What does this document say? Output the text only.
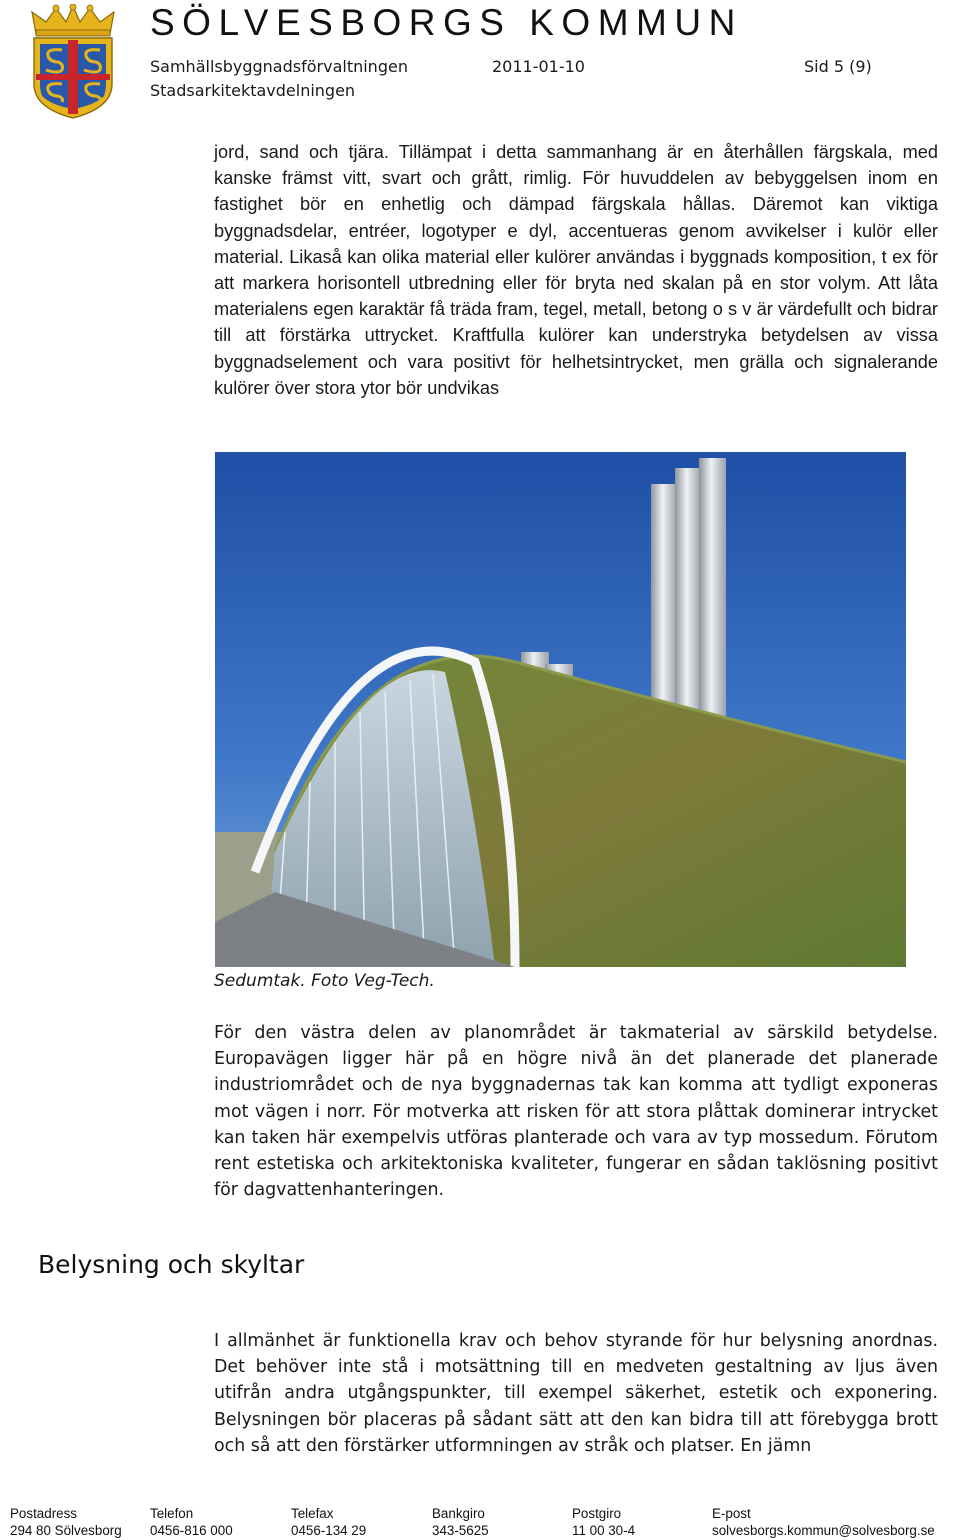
SÖLVESBORGS KOMMUN
Samhällsbyggnadsförvaltningen
Stadsarkitektavdelningen
2011-01-10	Sid 5 (9)

jord, sand och tjära. Tillämpat i detta sammanhang är en återhållen färgskala, med kanske främst vitt, svart och grått, rimlig. För huvuddelen av bebyggelsen inom en fastighet bör en enhetlig och dämpad färgskala hållas. Däremot kan viktiga byggnadsdelar, entréer, logotyper e dyl, accentueras genom avvikelser i kulör eller material. Likaså kan olika material eller kulörer användas i byggnads komposition, t ex för att markera horisontell utbredning eller för bryta ned skalan på en stor volym. Att låta materialens egen karaktär få träda fram, tegel, metall, betong o s v är värdefullt och bidrar till att förstärka uttrycket. Kraftfulla kulörer kan understryka betydelsen av vissa byggnadselement och vara positivt för helhetsintrycket, men grälla och signalerande kulörer över stora ytor bör undvikas

Sedumtak. Foto Veg-Tech.

För den västra delen av planområdet är takmaterial av särskild betydelse. Europavägen ligger här på en högre nivå än det planerade det planerade industriområdet och de nya byggnadernas tak kan komma att tydligt exponeras mot vägen i norr. För motverka att risken för att stora plåttak dominerar intrycket kan taken här exempelvis utföras planterade och vara av typ mossedum. Förutom rent estetiska och arkitektoniska kvaliteter, fungerar en sådan taklösning positivt för dagvattenhanteringen.

Belysning och skyltar

I allmänhet är funktionella krav och behov styrande för hur belysning anordnas. Det behöver inte stå i motsättning till en medveten gestaltning av ljus även utifrån andra utgångspunkter, till exempel säkerhet, estetik och exponering. Belysningen bör placeras på sådant sätt att den kan bidra till att förebygga brott och så att den förstärker utformningen av stråk och platser. En jämn

Postadress
294 80 Sölvesborg
Telefon
0456-816 000
Telefax
0456-134 29
Bankgiro
343-5625
Postgiro
11 00 30-4
E-post
solvesborgs.kommun@solvesborg.se
